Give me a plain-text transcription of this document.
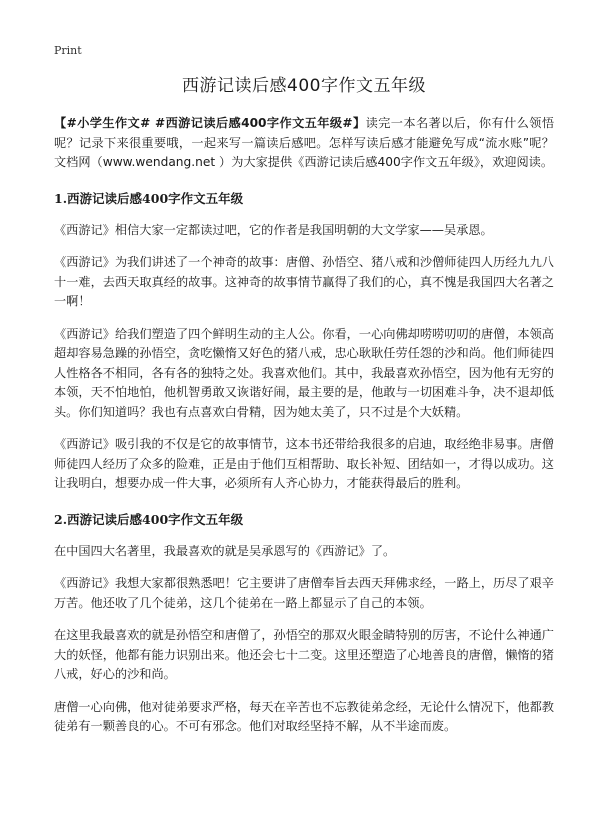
Print
西游记读后感400字作文五年级

【#小学生作文# #西游记读后感400字作文五年级#】读完一本名著以后，你有什么领悟呢？记录下来很重要哦，一起来写一篇读后感吧。怎样写读后感才能避免写成“流水账”呢？文档网（www.wendang.net ）为大家提供《西游记读后感400字作文五年级》，欢迎阅读。

1.西游记读后感400字作文五年级

《西游记》相信大家一定都读过吧，它的作者是我国明朝的大文学家——吴承恩。

《西游记》为我们讲述了一个神奇的故事：唐僧、孙悟空、猪八戒和沙僧师徒四人历经九九八十一难，去西天取真经的故事。这神奇的故事情节赢得了我们的心，真不愧是我国四大名著之一啊！

《西游记》给我们塑造了四个鲜明生动的主人公。你看，一心向佛却唠唠叨叨的唐僧，本领高超却容易急躁的孙悟空，贪吃懒惰又好色的猪八戒，忠心耿耿任劳任怨的沙和尚。他们师徒四人性格各不相同，各有各的独特之处。我喜欢他们。其中，我最喜欢孙悟空，因为他有无穷的本领，天不怕地怕，他机智勇敢又诙谐好闹，最主要的是，他敢与一切困难斗争，决不退却低头。你们知道吗？我也有点喜欢白骨精，因为她太美了，只不过是个大妖精。

《西游记》吸引我的不仅是它的故事情节，这本书还带给我很多的启迪，取经绝非易事。唐僧师徒四人经历了众多的险难，正是由于他们互相帮助、取长补短、团结如一，才得以成功。这让我明白，想要办成一件大事，必须所有人齐心协力，才能获得最后的胜利。

2.西游记读后感400字作文五年级

在中国四大名著里，我最喜欢的就是吴承恩写的《西游记》了。

《西游记》我想大家都很熟悉吧！它主要讲了唐僧奉旨去西天拜佛求经，一路上，历尽了艰辛万苦。他还收了几个徒弟，这几个徒弟在一路上都显示了自己的本领。

在这里我最喜欢的就是孙悟空和唐僧了，孙悟空的那双火眼金睛特别的厉害，不论什么神通广大的妖怪，他都有能力识别出来。他还会七十二变。这里还塑造了心地善良的唐僧，懒惰的猪八戒，好心的沙和尚。

唐僧一心向佛，他对徒弟要求严格，每天在辛苦也不忘教徒弟念经，无论什么情况下，他都教徒弟有一颗善良的心。不可有邪念。他们对取经坚持不解，从不半途而废。
